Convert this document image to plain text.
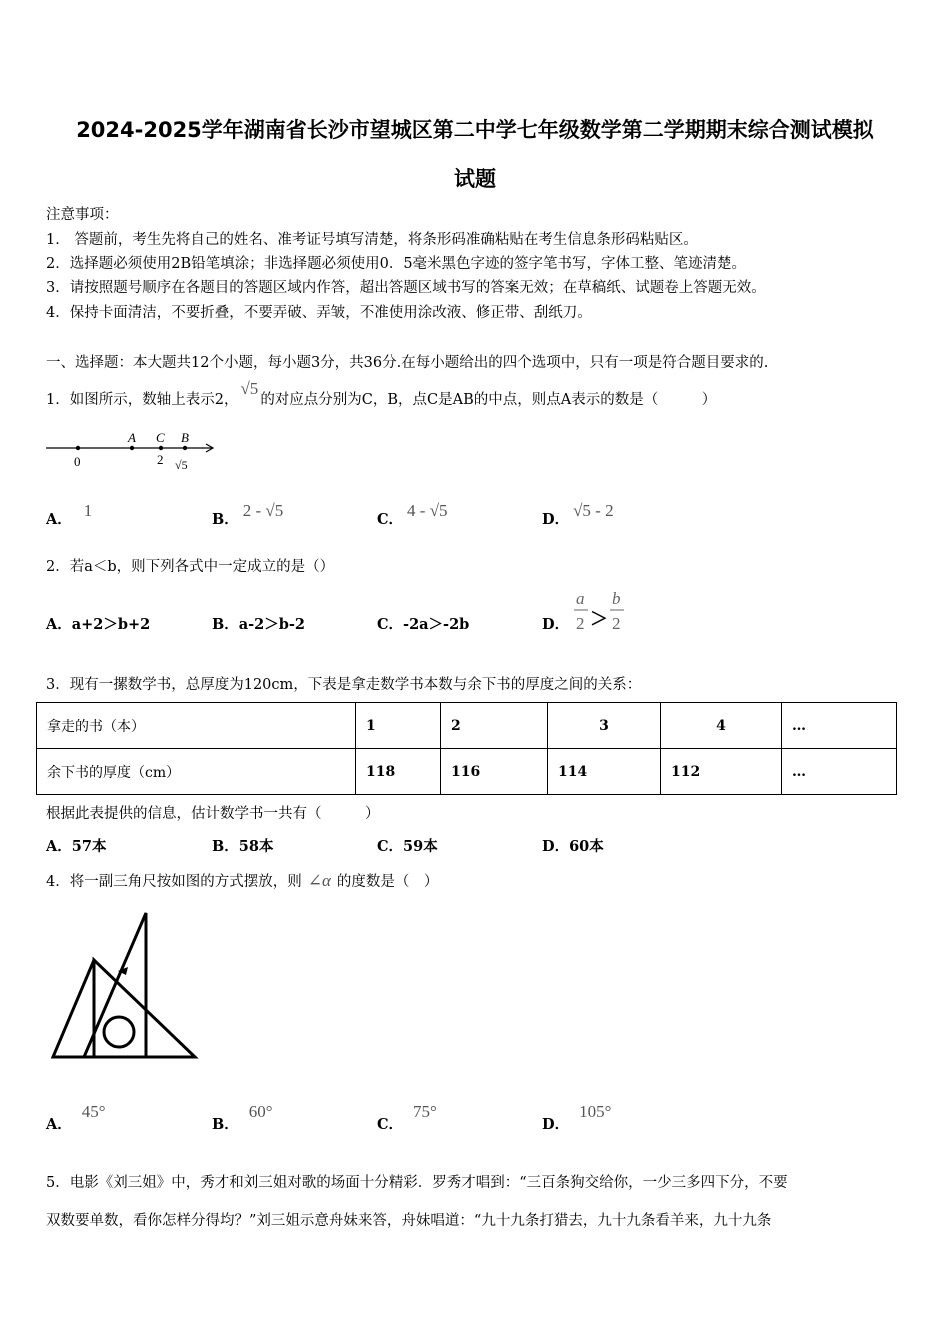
2024-2025学年湖南省长沙市望城区第二中学七年级数学第二学期期末综合测试模拟
试题
注意事项：
1． 答题前，考生先将自己的姓名、准考证号填写清楚，将条形码准确粘贴在考生信息条形码粘贴区。
2．选择题必须使用2B铅笔填涂；非选择题必须使用0．5毫米黑色字迹的签字笔书写，字体工整、笔迹清楚。
3．请按照题号顺序在各题目的答题区域内作答，超出答题区域书写的答案无效；在草稿纸、试题卷上答题无效。
4．保持卡面清洁，不要折叠，不要弄破、弄皱，不准使用涂改液、修正带、刮纸刀。
一、选择题：本大题共12个小题，每小题3分，共36分.在每小题给出的四个选项中，只有一项是符合题目要求的.
1．如图所示，数轴上表示2，√5的对应点分别为C，B，点C是AB的中点，则点A表示的数是（　　　）
0
A C B
2 √5
A． 1	B． 2 - √5	C． 4 - √5	D． √5 - 2
2．若a＜b，则下列各式中一定成立的是（）
A．a+2＞b+2	B．a-2＞b-2	C．-2a＞-2b	D．
a
2 ＞
b
2
3．现有一摞数学书，总厚度为120cm，下表是拿走数学书本数与余下书的厚度之间的关系：
拿走的书（本）	1	2	3	4	…
余下书的厚度（cm）	118	116	114	112	…
根据此表提供的信息，估计数学书一共有（　　　）
A．57本	B．58本	C．59本	D．60本
4．将一副三角尺按如图的方式摆放，则 ∠α 的度数是（　）
A．45°
B．60°
C．75°
D．105°
5．电影《刘三姐》中，秀才和刘三姐对歌的场面十分精彩．罗秀才唱到：“三百条狗交给你，一少三多四下分，不要
双数要单数，看你怎样分得均？”刘三姐示意舟妹来答，舟妹唱道：“九十九条打猎去，九十九条看羊来，九十九条
